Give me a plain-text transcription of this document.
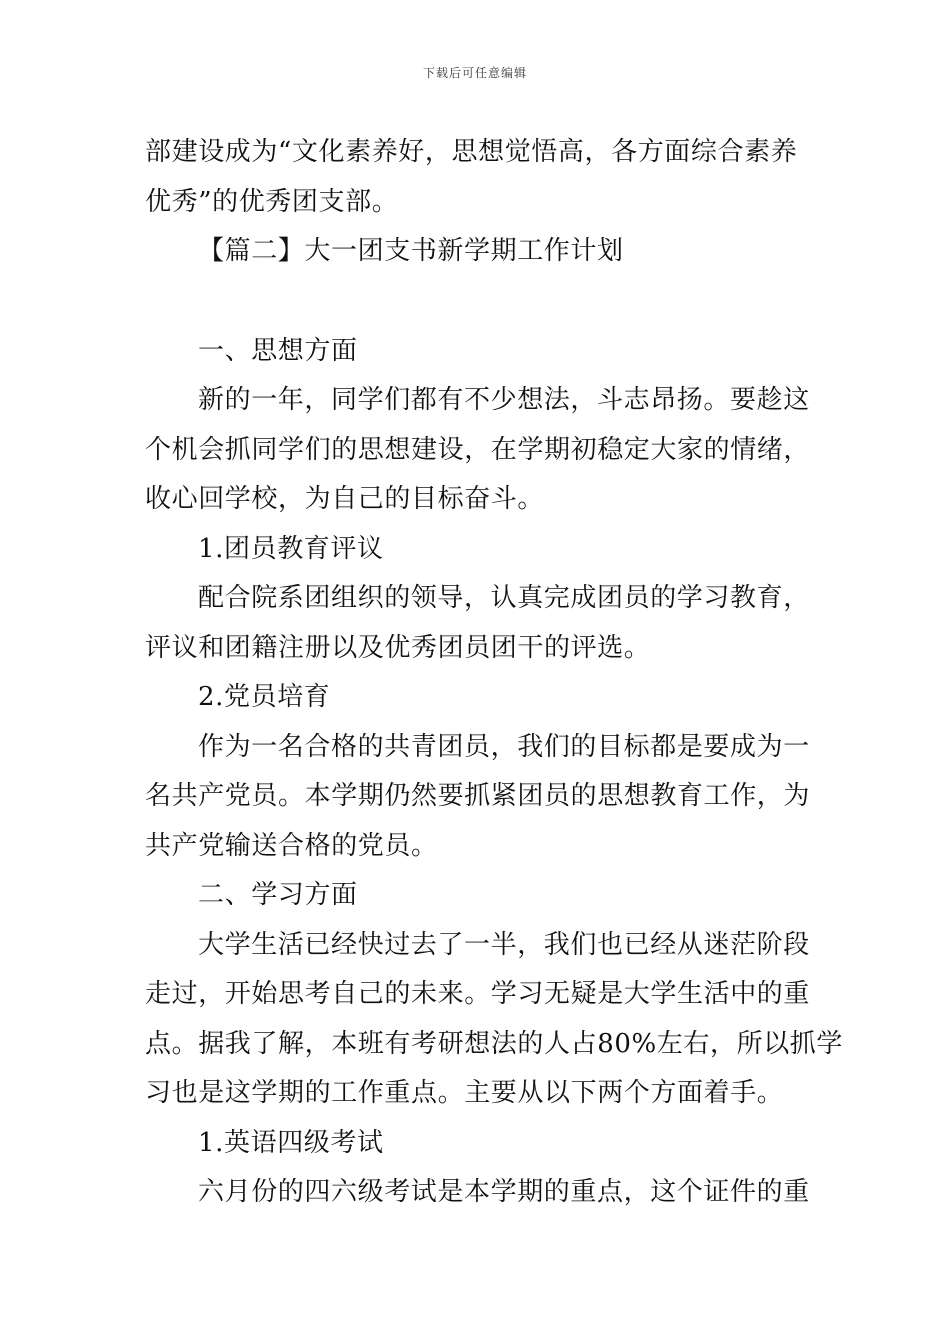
下载后可任意编辑
部建设成为“文化素养好，思想觉悟高，各方面综合素养
优秀”的优秀团支部。
【篇二】大一团支书新学期工作计划
一、思想方面
新的一年，同学们都有不少想法，斗志昂扬。要趁这
个机会抓同学们的思想建设，在学期初稳定大家的情绪，
收心回学校，为自己的目标奋斗。
1.团员教育评议
配合院系团组织的领导，认真完成团员的学习教育，
评议和团籍注册以及优秀团员团干的评选。
2.党员培育
作为一名合格的共青团员，我们的目标都是要成为一
名共产党员。本学期仍然要抓紧团员的思想教育工作，为
共产党输送合格的党员。
二、学习方面
大学生活已经快过去了一半，我们也已经从迷茫阶段
走过，开始思考自己的未来。学习无疑是大学生活中的重
点。据我了解，本班有考研想法的人占80%左右，所以抓学
习也是这学期的工作重点。主要从以下两个方面着手。
1.英语四级考试
六月份的四六级考试是本学期的重点，这个证件的重
